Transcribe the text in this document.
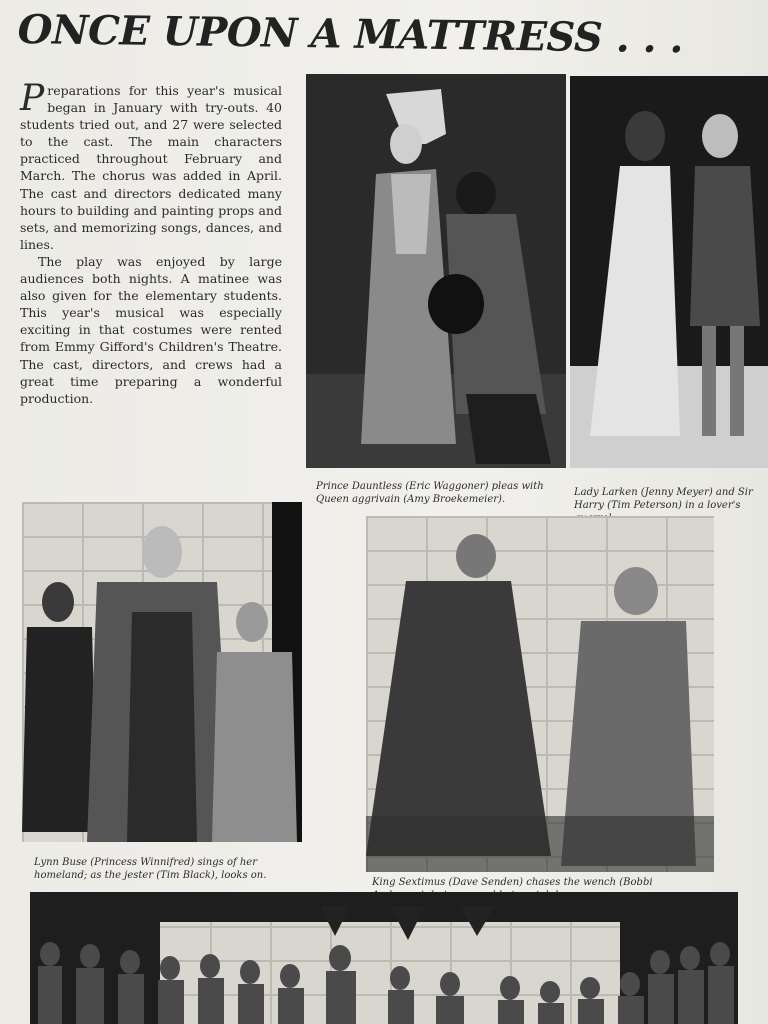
ONCE UPON A MATTRESS . . .

Preparations for this year's musical began in January with try-outs. 40 students tried out, and 27 were selected to the cast. The main characters practiced throughout February and March. The chorus was added in April. The cast and directors dedicated many hours to building and painting props and sets, and memorizing songs, dances, and lines.

The play was enjoyed by large audiences both nights. A matinee was also given for the elementary students. This year's musical was especially exciting in that costumes were rented from Emmy Gifford's Children's Theatre. The cast, directors, and crews had a great time preparing a wonderful production.

Prince Dauntless (Eric Waggoner) pleas with Queen aggrivain (Amy Broekemeier).
Lady Larken (Jenny Meyer) and Sir Harry (Tim Peterson) in a lover's
Lynn Buse (Princess Winnifred) sings of her homeland; as the jester (Tim Black), looks on.
King Sextimus (Dave Senden) chases the wench (Bobbi
